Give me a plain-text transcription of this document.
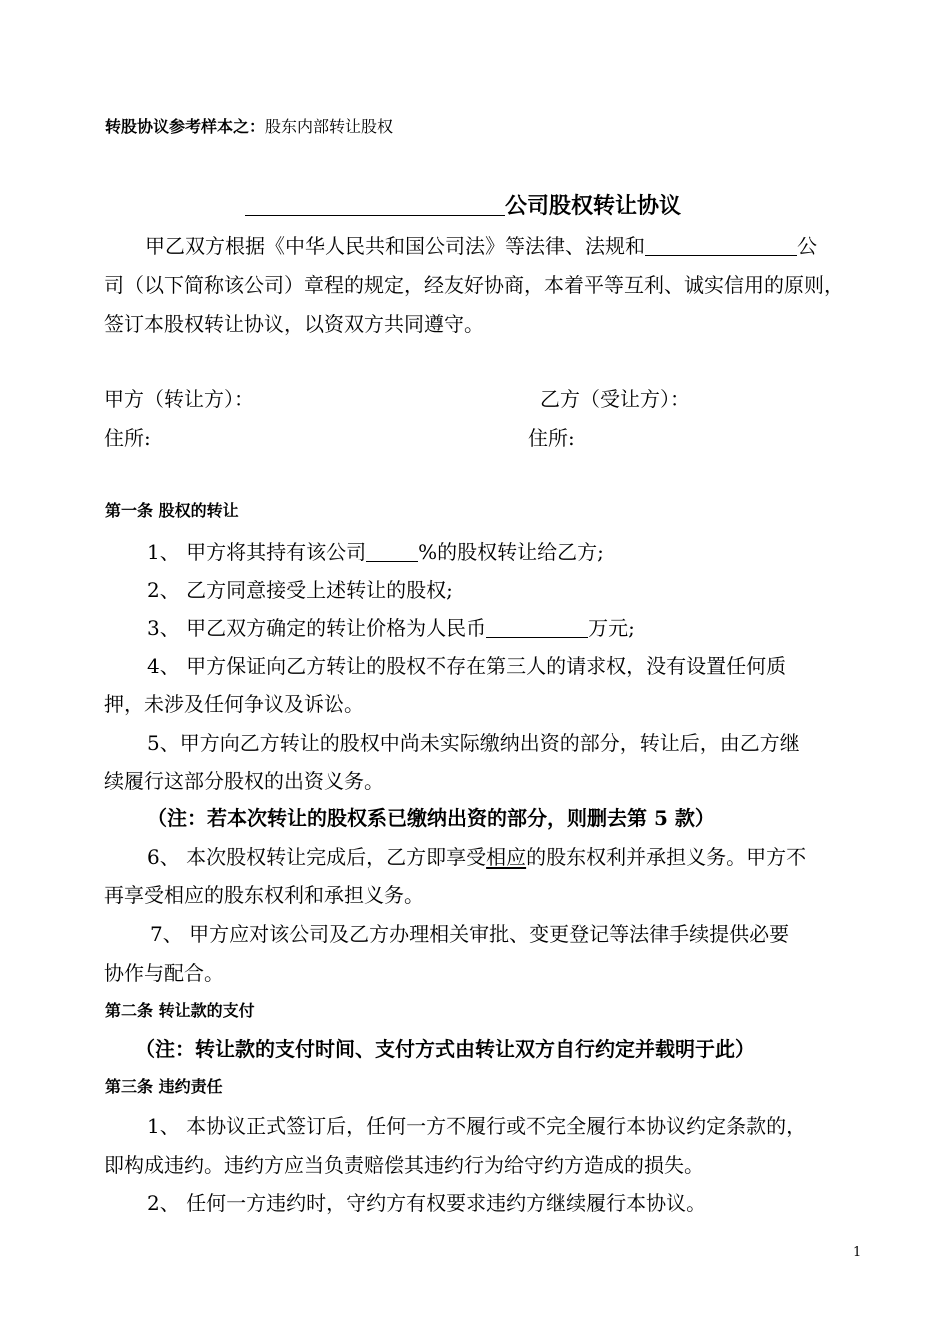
转股协议参考样本之：股东内部转让股权
公司股权转让协议
甲乙双方根据《中华人民共和国公司法》等法律、法规和	公
司（以下简称该公司）章程的规定，经友好协商，本着平等互利、诚实信用的原则，
签订本股权转让协议，以资双方共同遵守。
甲方（转让方）：	乙方（受让方）：
住所:	住所:
第一条 股权的转让
1、 甲方将其持有该公司	%的股权转让给乙方;
2、 乙方同意接受上述转让的股权;
3、 甲乙双方确定的转让价格为人民币	万元;
4、 甲方保证向乙方转让的股权不存在第三人的请求权，没有设置任何质
押，未涉及任何争议及诉讼。
5、甲方向乙方转让的股权中尚未实际缴纳出资的部分，转让后，由乙方继
续履行这部分股权的出资义务。
（注：若本次转让的股权系已缴纳出资的部分，则删去第 5 款）
6、 本次股权转让完成后，乙方即享受相应的股东权利并承担义务。甲方不
再享受相应的股东权利和承担义务。
7、 甲方应对该公司及乙方办理相关审批、变更登记等法律手续提供必要
协作与配合。
第二条 转让款的支付
（注：转让款的支付时间、支付方式由转让双方自行约定并载明于此）
第三条 违约责任
1、 本协议正式签订后，任何一方不履行或不完全履行本协议约定条款的，
即构成违约。违约方应当负责赔偿其违约行为给守约方造成的损失。
2、 任何一方违约时，守约方有权要求违约方继续履行本协议。
1
